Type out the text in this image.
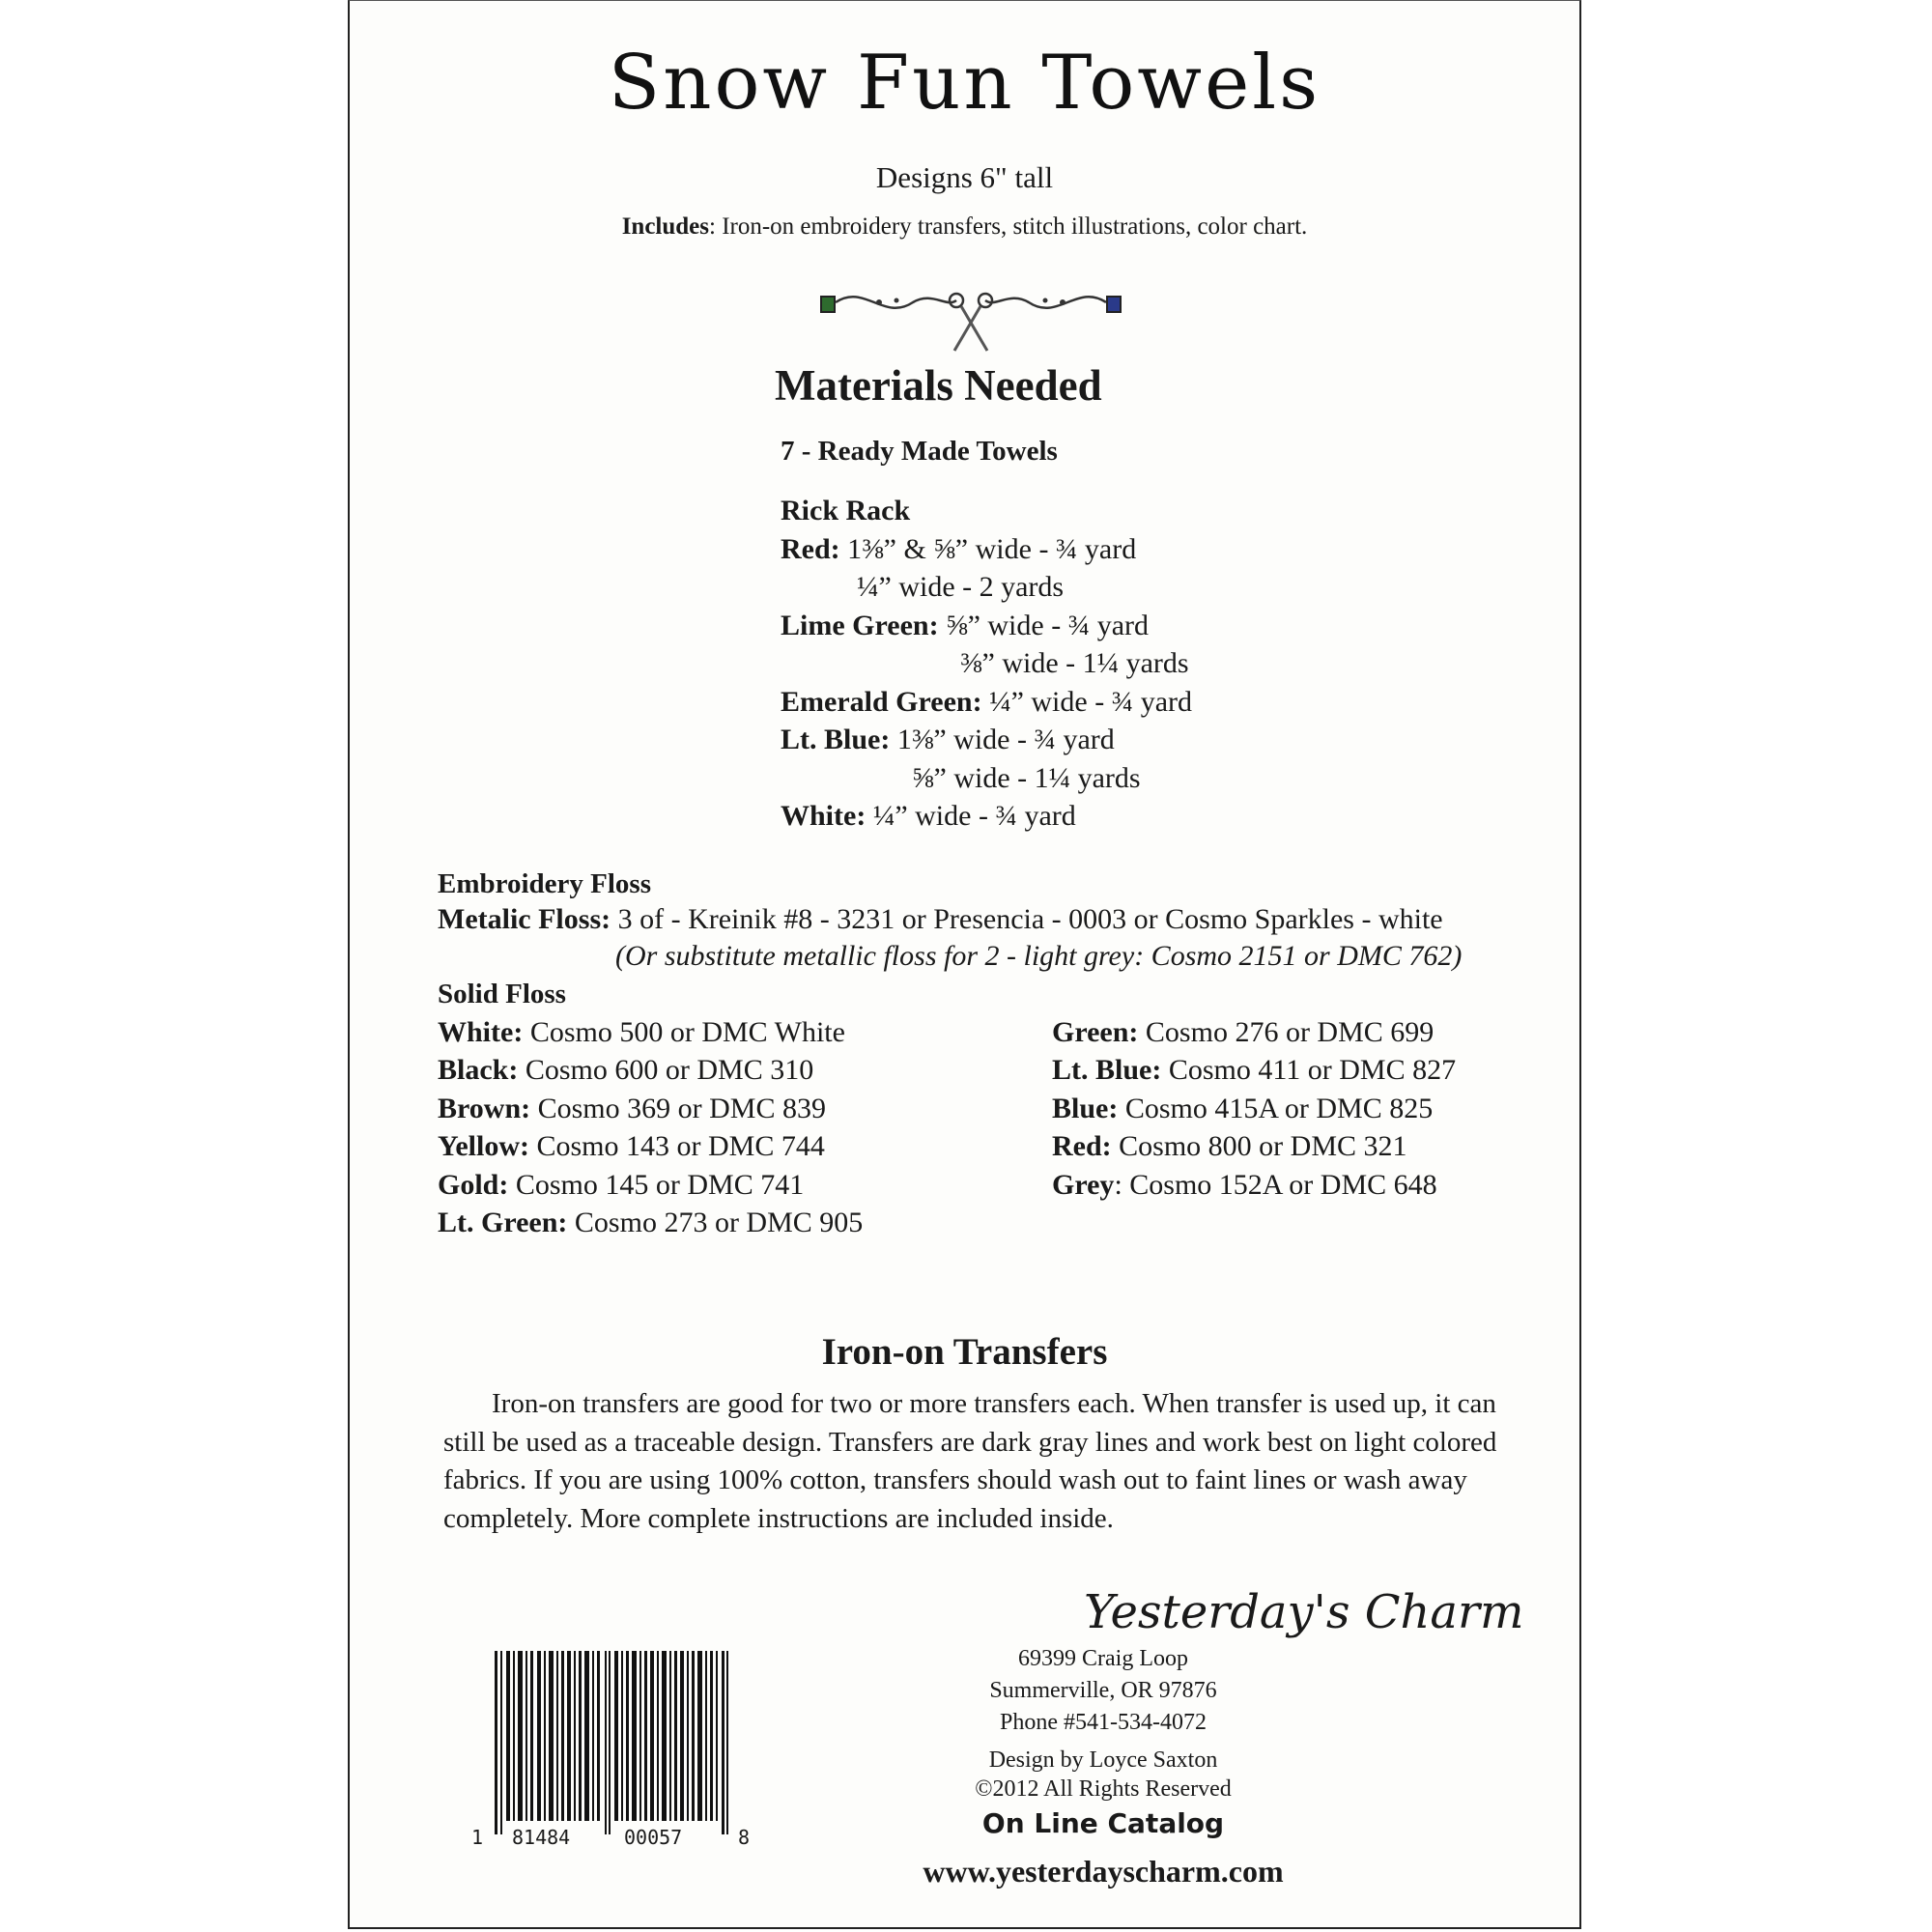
Snow Fun Towels
Designs 6" tall
Includes: Iron-on embroidery transfers, stitch illustrations, color chart.
Materials Needed
7 - Ready Made Towels
Rick Rack
Red: 1⅜” & ⅝” wide - ¾ yard
¼” wide - 2 yards
Lime Green: ⅝” wide - ¾ yard
⅜” wide - 1¼ yards
Emerald Green: ¼” wide - ¾ yard
Lt. Blue: 1⅜” wide - ¾ yard
⅝” wide - 1¼ yards
White: ¼” wide - ¾ yard
Embroidery Floss
Metalic Floss: 3 of - Kreinik #8 - 3231 or Presencia - 0003 or Cosmo Sparkles - white
(Or substitute metallic floss for 2 - light grey: Cosmo 2151 or DMC 762)
Solid Floss
White: Cosmo 500 or DMC White
Black: Cosmo 600 or DMC 310
Brown: Cosmo 369 or DMC 839
Yellow: Cosmo 143 or DMC 744
Gold: Cosmo 145 or DMC 741
Lt. Green: Cosmo 273 or DMC 905
Green: Cosmo 276 or DMC 699
Lt. Blue: Cosmo 411 or DMC 827
Blue: Cosmo 415A or DMC 825
Red: Cosmo 800 or DMC 321
Grey: Cosmo 152A or DMC 648
Iron-on Transfers
Iron-on transfers are good for two or more transfers each. When transfer is used up, it can still be used as a traceable design. Transfers are dark gray lines and work best on light colored fabrics. If you are using 100% cotton, transfers should wash out to faint lines or wash away completely. More complete instructions are included inside.
Yesterday's Charm
69399 Craig Loop
Summerville, OR 97876
Phone #541-534-4072
Design by Loyce Saxton
©2012 All Rights Reserved
On Line Catalog
www.yesterdayscharm.com
1 81484	00057	8
